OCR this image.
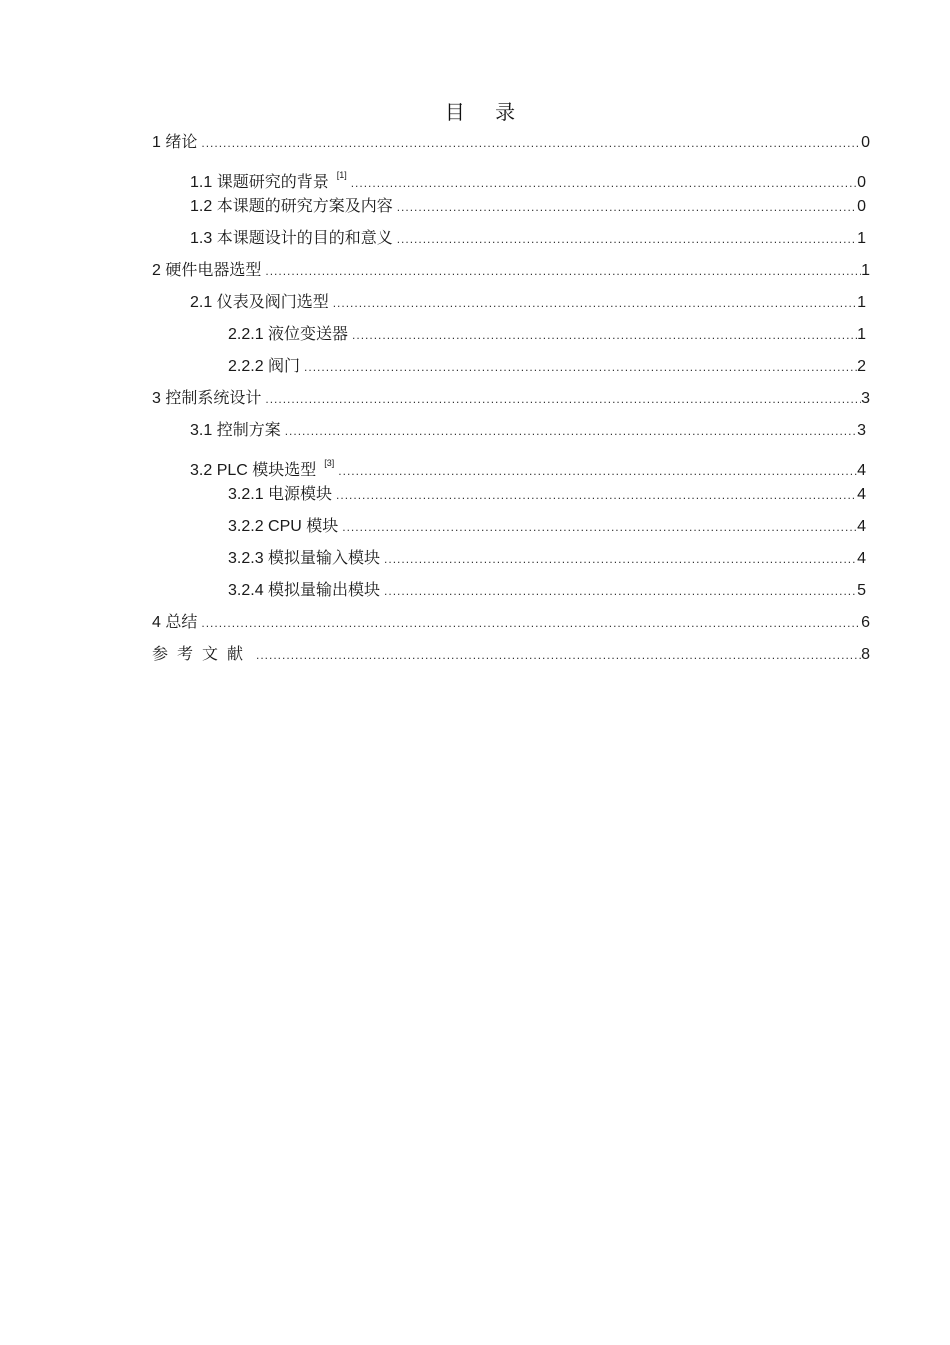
目 录
1 绪论 .....	0
1.1 课题研究的背景 [1] .....	0
1.2 本课题的研究方案及内容 .....	0
1.3 本课题设计的目的和意义 .....	1
2 硬件电器选型 .....	1
2.1 仪表及阀门选型 .....	1
2.2.1 液位变送器 .....	1
2.2.2 阀门 .....	2
3 控制系统设计 .....	3
3.1 控制方案 .....	3
3.2 PLC 模块选型 [3] .....	4
3.2.1 电源模块 .....	4
3.2.2 CPU 模块 .....	4
3.2.3 模拟量输入模块 .....	4
3.2.4 模拟量输出模块 .....	5
4 总结 .....	6
参考文献 .....	8
